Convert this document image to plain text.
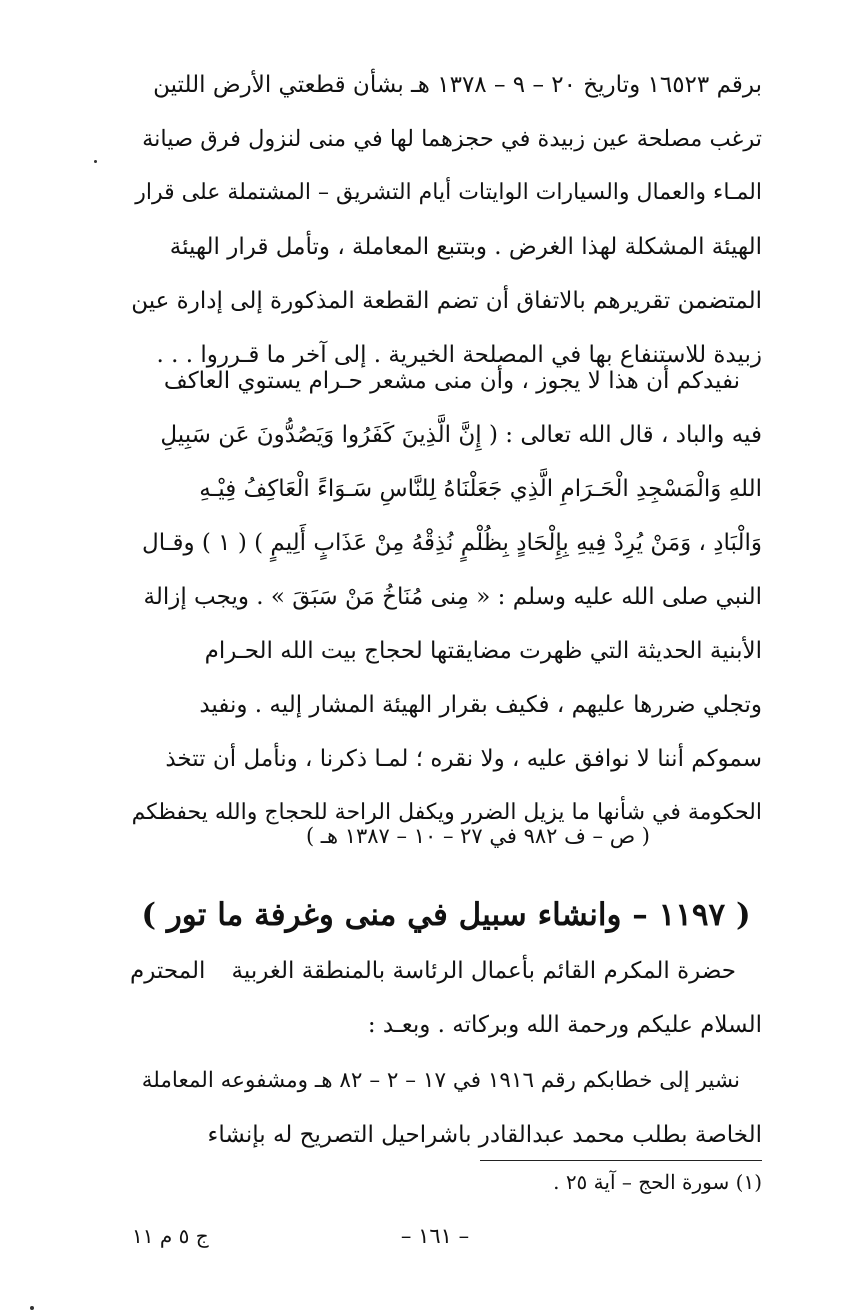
برقم ١٦٥٢٣ وتاريخ ٢٠ – ٩ – ١٣٧٨ هـ بشأن قطعتي الأرض اللتين
ترغب مصلحة عين زبيدة في حجزهما لها في منى لنزول فرق صيانة
المـاء والعمال والسيارات الوايتات أيام التشريق – المشتملة على قرار
الهيئة المشكلة لهذا الغرض . وبتتبع المعاملة ، وتأمل قرار الهيئة
المتضمن تقريرهم بالاتفاق أن تضم القطعة المذكورة إلى إدارة عين
زبيدة للاستنفاع بها في المصلحة الخيرية . إلى آخر ما قـرروا . . .
نفيدكم أن هذا لا يجوز ، وأن منى مشعر حـرام يستوي العاكف
فيه والباد ، قال الله تعالى : ( إِنَّ الَّذِينَ كَفَرُوا وَيَصُدُّونَ عَن سَبِيلِ
اللهِ وَالْمَسْجِدِ الْحَـرَامِ الَّذِي جَعَلْنَاهُ لِلنَّاسِ سَـوَاءً الْعَاكِفُ فِيْـهِ
وَالْبَادِ ، وَمَنْ يُرِدْ فِيهِ بِإِلْحَادٍ بِظُلْمٍ نُذِقْهُ مِنْ عَذَابٍ أَلِيمٍ ) ( ١ ) وقـال
النبي صلى الله عليه وسلم : « مِنى مُنَاخُ مَنْ سَبَقَ » . ويجب إزالة
الأبنية الحديثة التي ظهرت مضايقتها لحجاج بيت الله الحـرام
وتجلي ضررها عليهم ، فكيف بقرار الهيئة المشار إليه . ونفيد
سموكم أننا لا نوافق عليه ، ولا نقره ؛ لمـا ذكرنا ، ونأمل أن تتخذ
الحكومة في شأنها ما يزيل الضرر ويكفل الراحة للحجاج والله يحفظكم
( ص – ف ٩٨٢ في ٢٧ – ١٠ – ١٣٨٧ هـ )
( ١١٩٧ – وانشاء سبيل في منى وغرفة ما تور )
حضرة المكرم القائم بأعمال الرئاسة بالمنطقة الغربية
المحترم
السلام عليكم ورحمة الله وبركاته . وبعـد :
نشير إلى خطابكم رقم ١٩١٦ في ١٧ – ٢ – ٨٢ هـ ومشفوعه المعاملة
الخاصة بطلب محمد عبدالقادر باشراحيل التصريح له بإنشاء
(١) سورة الحج – آية ٢٥ .
– ١٦١ –
ج ٥ م ١١
